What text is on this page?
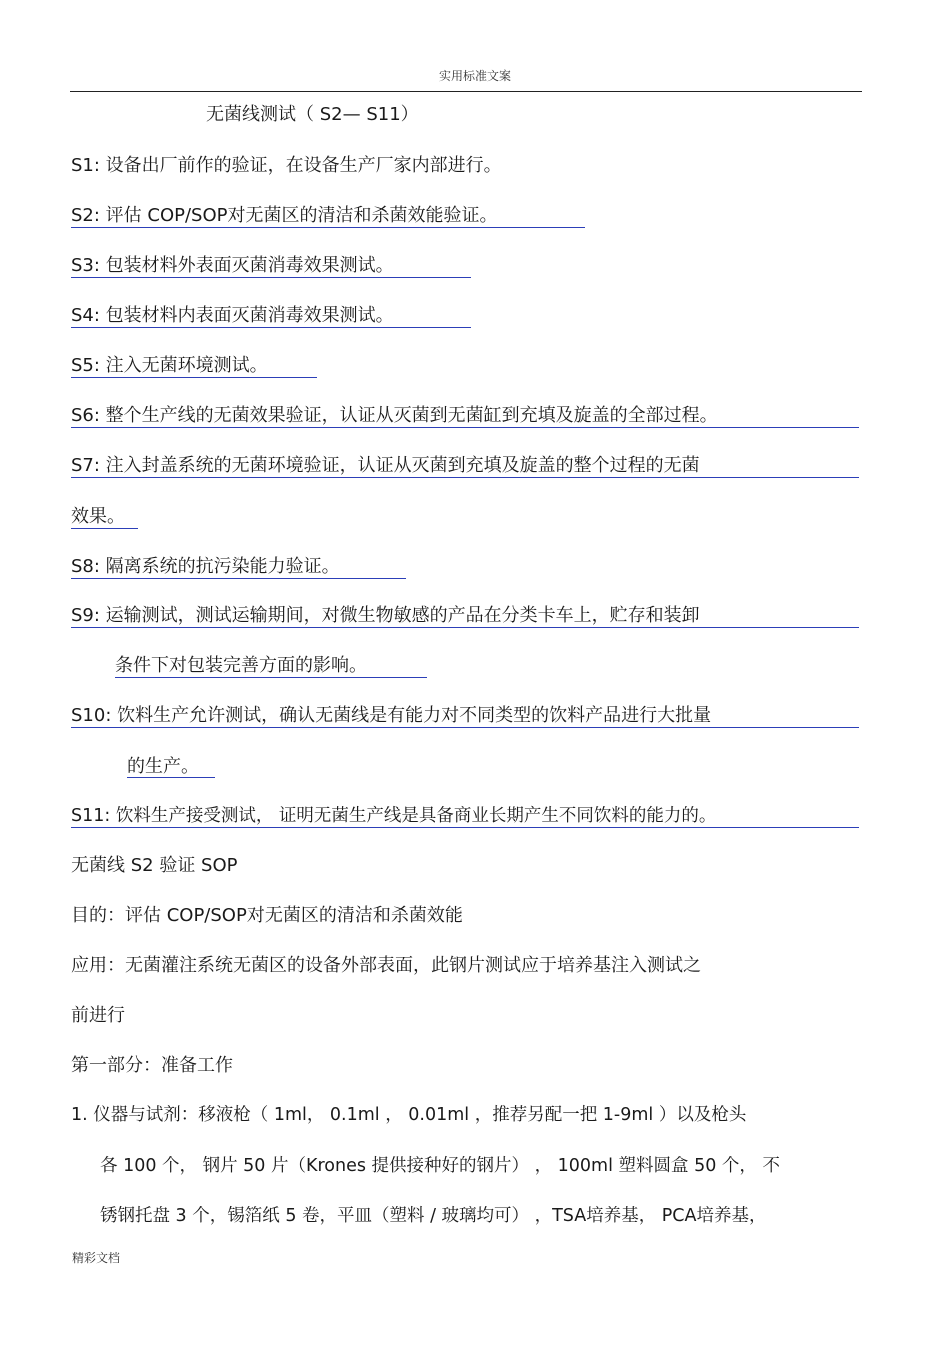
实用标准文案
无菌线测试（ S2— S11）
S1: 设备出厂前作的验证，在设备生产厂家内部进行。
S2: 评估 COP/SOP对无菌区的清洁和杀菌效能验证。
S3: 包装材料外表面灭菌消毒效果测试。
S4: 包装材料内表面灭菌消毒效果测试。
S5: 注入无菌环境测试。
S6: 整个生产线的无菌效果验证，认证从灭菌到无菌缸到充填及旋盖的全部过程。
S7: 注入封盖系统的无菌环境验证，认证从灭菌到充填及旋盖的整个过程的无菌
效果。
S8: 隔离系统的抗污染能力验证。
S9: 运输测试，测试运输期间，对微生物敏感的产品在分类卡车上，贮存和装卸
条件下对包装完善方面的影响。
S10: 饮料生产允许测试，确认无菌线是有能力对不同类型的饮料产品进行大批量
的生产。
S11: 饮料生产接受测试， 证明无菌生产线是具备商业长期产生不同饮料的能力的。
无菌线 S2 验证 SOP
目的：评估 COP/SOP对无菌区的清洁和杀菌效能
应用：无菌灌注系统无菌区的设备外部表面，此钢片测试应于培养基注入测试之
前进行
第一部分：准备工作
1. 仪器与试剂：移液枪（ 1ml， 0.1ml ， 0.01ml ，推荐另配一把 1-9ml ）以及枪头
各 100 个， 钢片 50 片（Krones 提供接种好的钢片） ， 100ml 塑料圆盒 50 个， 不
锈钢托盘 3 个，锡箔纸 5 卷，平皿（塑料 / 玻璃均可） ，TSA培养基， PCA培养基，
精彩文档
